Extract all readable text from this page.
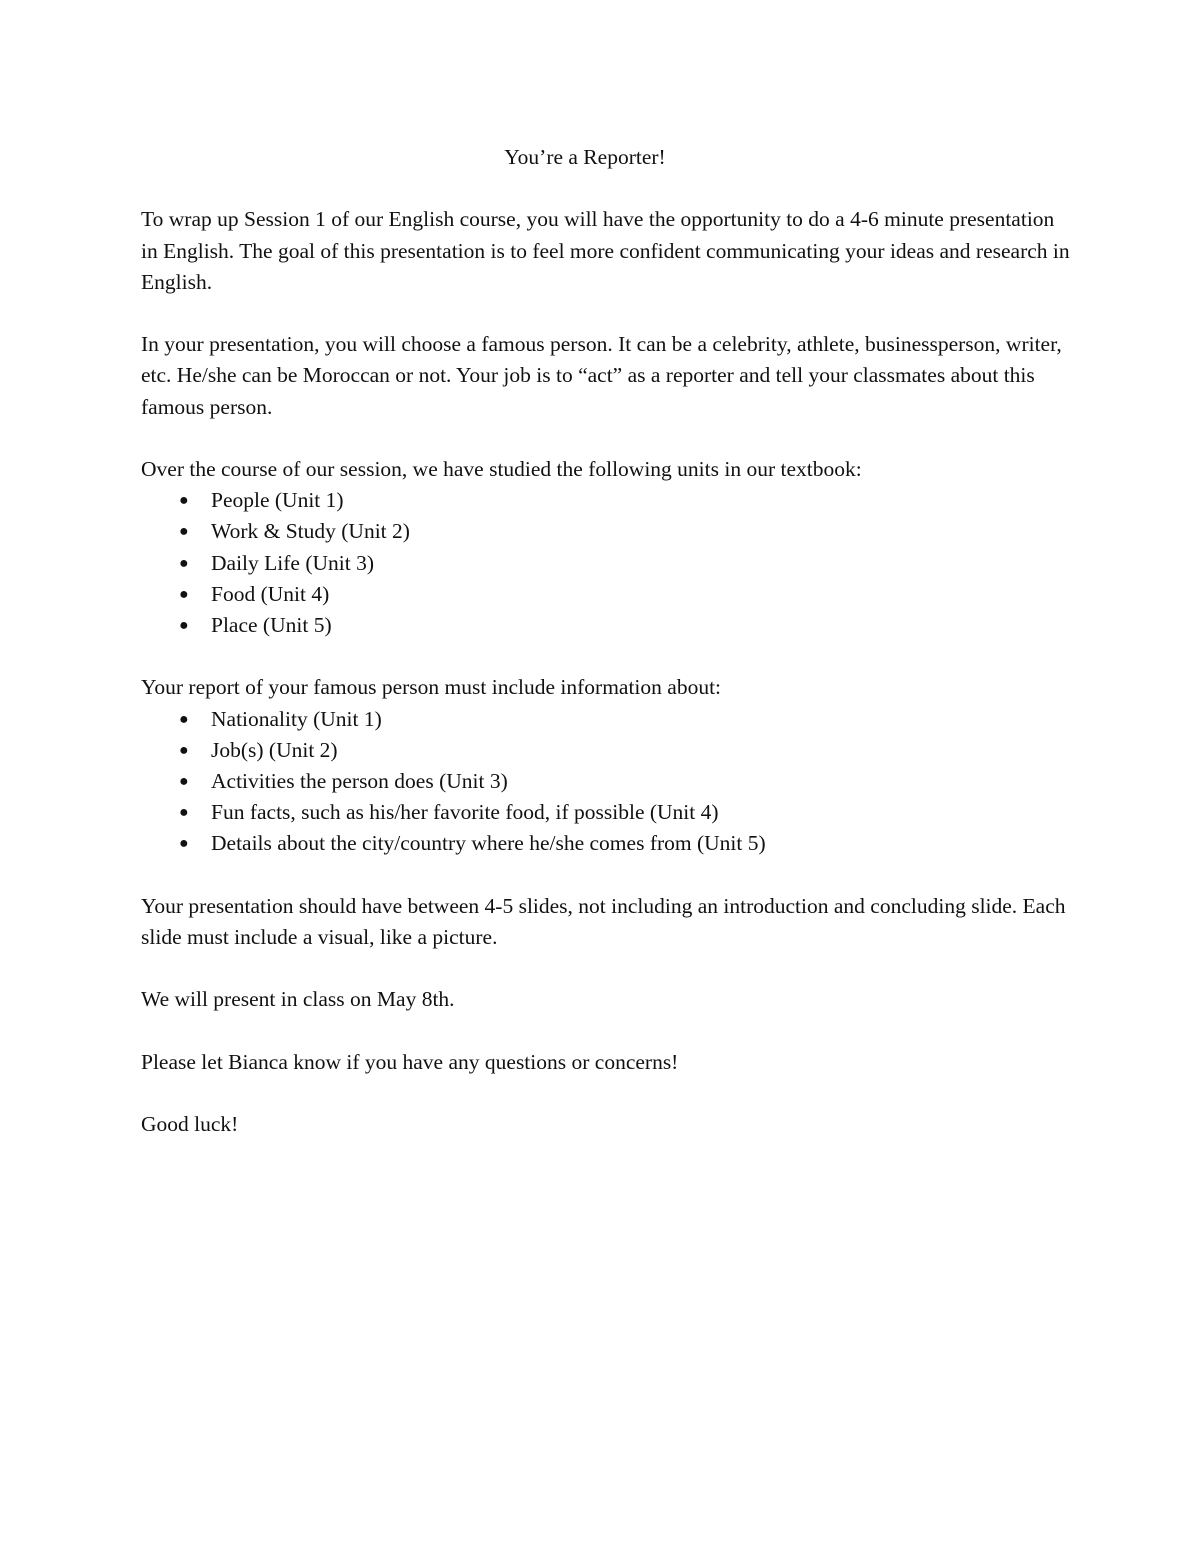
You’re a Reporter!

To wrap up Session 1 of our English course, you will have the opportunity to do a 4-6 minute presentation in English. The goal of this presentation is to feel more confident communicating your ideas and research in English.

In your presentation, you will choose a famous person. It can be a celebrity, athlete, businessperson, writer, etc. He/she can be Moroccan or not. Your job is to “act” as a reporter and tell your classmates about this famous person.

Over the course of our session, we have studied the following units in our textbook:

● People (Unit 1)
● Work & Study (Unit 2)
● Daily Life (Unit 3)
● Food (Unit 4)
● Place (Unit 5)

Your report of your famous person must include information about:

● Nationality (Unit 1)
● Job(s) (Unit 2)
● Activities the person does (Unit 3)
● Fun facts, such as his/her favorite food, if possible (Unit 4)
● Details about the city/country where he/she comes from (Unit 5)

Your presentation should have between 4-5 slides, not including an introduction and concluding slide. Each slide must include a visual, like a picture.

We will present in class on May 8th.

Please let Bianca know if you have any questions or concerns!

Good luck!
